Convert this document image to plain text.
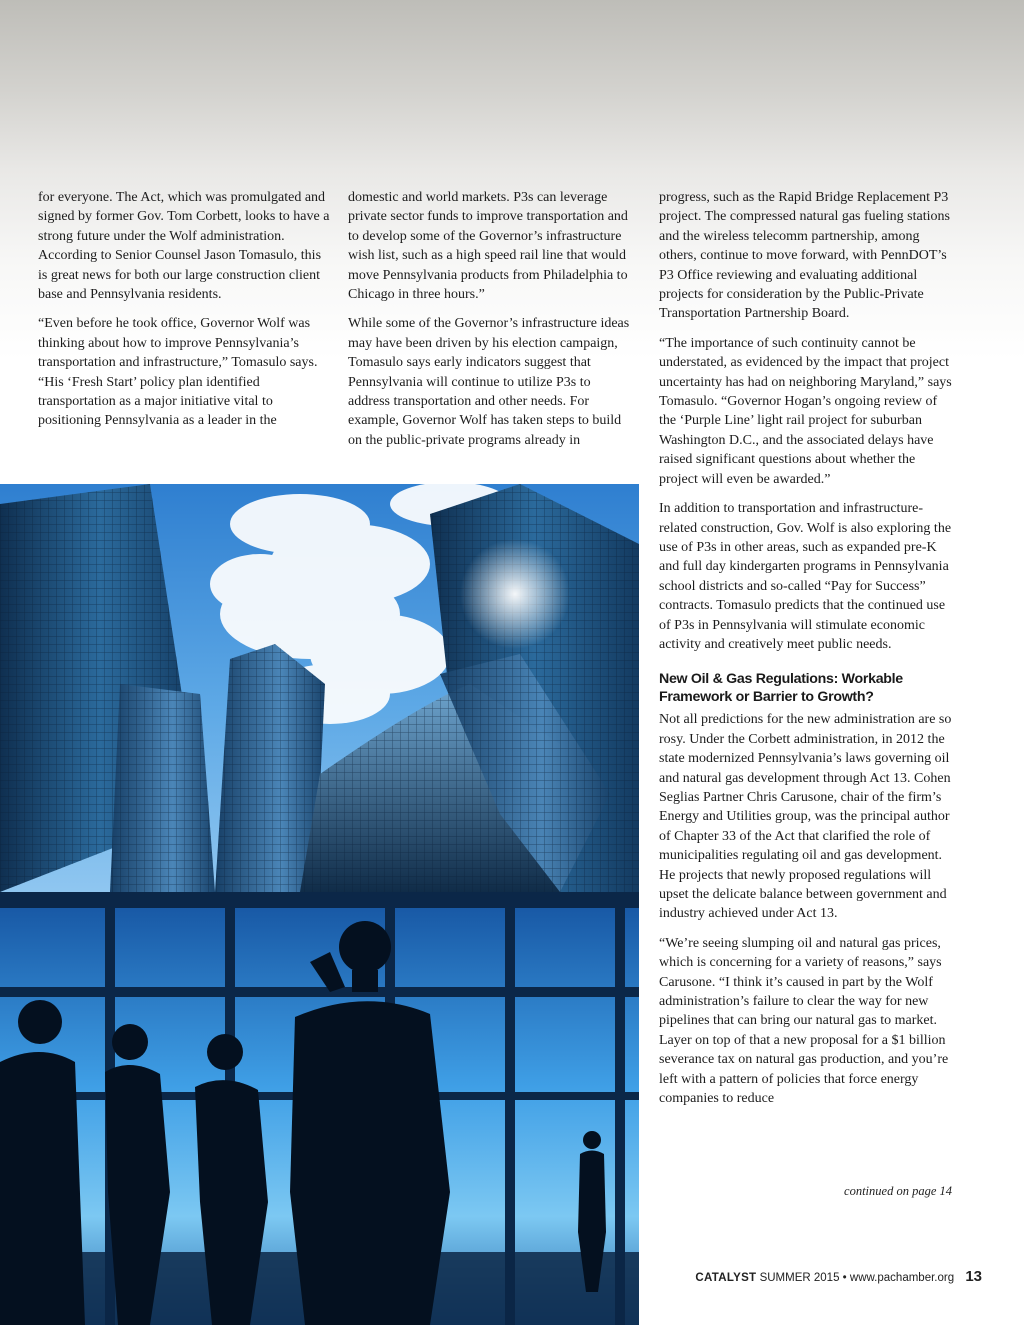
for everyone. The Act, which was promulgated and signed by former Gov. Tom Corbett, looks to have a strong future under the Wolf administration. According to Senior Counsel Jason Tomasulo, this is great news for both our large construction client base and Pennsylvania residents.

“Even before he took office, Governor Wolf was thinking about how to improve Pennsylvania’s transportation and infrastructure,” Tomasulo says. “His ‘Fresh Start’ policy plan identified transportation as a major initiative vital to positioning Pennsylvania as a leader in the

domestic and world markets. P3s can leverage private sector funds to improve transportation and to develop some of the Governor’s infrastructure wish list, such as a high speed rail line that would move Pennsylvania products from Philadelphia to Chicago in three hours.”

While some of the Governor’s infrastructure ideas may have been driven by his election campaign, Tomasulo says early indicators suggest that Pennsylvania will continue to utilize P3s to address transportation and other needs. For example, Governor Wolf has taken steps to build on the public-private programs already in

progress, such as the Rapid Bridge Replacement P3 project. The compressed natural gas fueling stations and the wireless telecomm partnership, among others, continue to move forward, with PennDOT’s P3 Office reviewing and evaluating additional projects for consideration by the Public-Private Transportation Partnership Board.

“The importance of such continuity cannot be understated, as evidenced by the impact that project uncertainty has had on neighboring Maryland,” says Tomasulo. “Governor Hogan’s ongoing review of the ‘Purple Line’ light rail project for suburban Washington D.C., and the associated delays have raised significant questions about whether the project will even be awarded.”

In addition to transportation and infrastructure-related construction, Gov. Wolf is also exploring the use of P3s in other areas, such as expanded pre-K and full day kindergarten programs in Pennsylvania school districts and so-called “Pay for Success” contracts. Tomasulo predicts that the continued use of P3s in Pennsylvania will stimulate economic activity and creatively meet public needs.

New Oil & Gas Regulations: Workable Framework or Barrier to Growth?

Not all predictions for the new administration are so rosy. Under the Corbett administration, in 2012 the state modernized Pennsylvania’s laws governing oil and natural gas development through Act 13. Cohen Seglias Partner Chris Carusone, chair of the firm’s Energy and Utilities group, was the principal author of Chapter 33 of the Act that clarified the role of municipalities regulating oil and gas development. He projects that newly proposed regulations will upset the delicate balance between government and industry achieved under Act 13.

“We’re seeing slumping oil and natural gas prices, which is concerning for a variety of reasons,” says Carusone. “I think it’s caused in part by the Wolf administration’s failure to clear the way for new pipelines that can bring our natural gas to market. Layer on top of that a new proposal for a $1 billion severance tax on natural gas production, and you’re left with a pattern of policies that force energy companies to reduce

continued on page 14
CATALYST SUMMER 2015 • www.pachamber.org 13
